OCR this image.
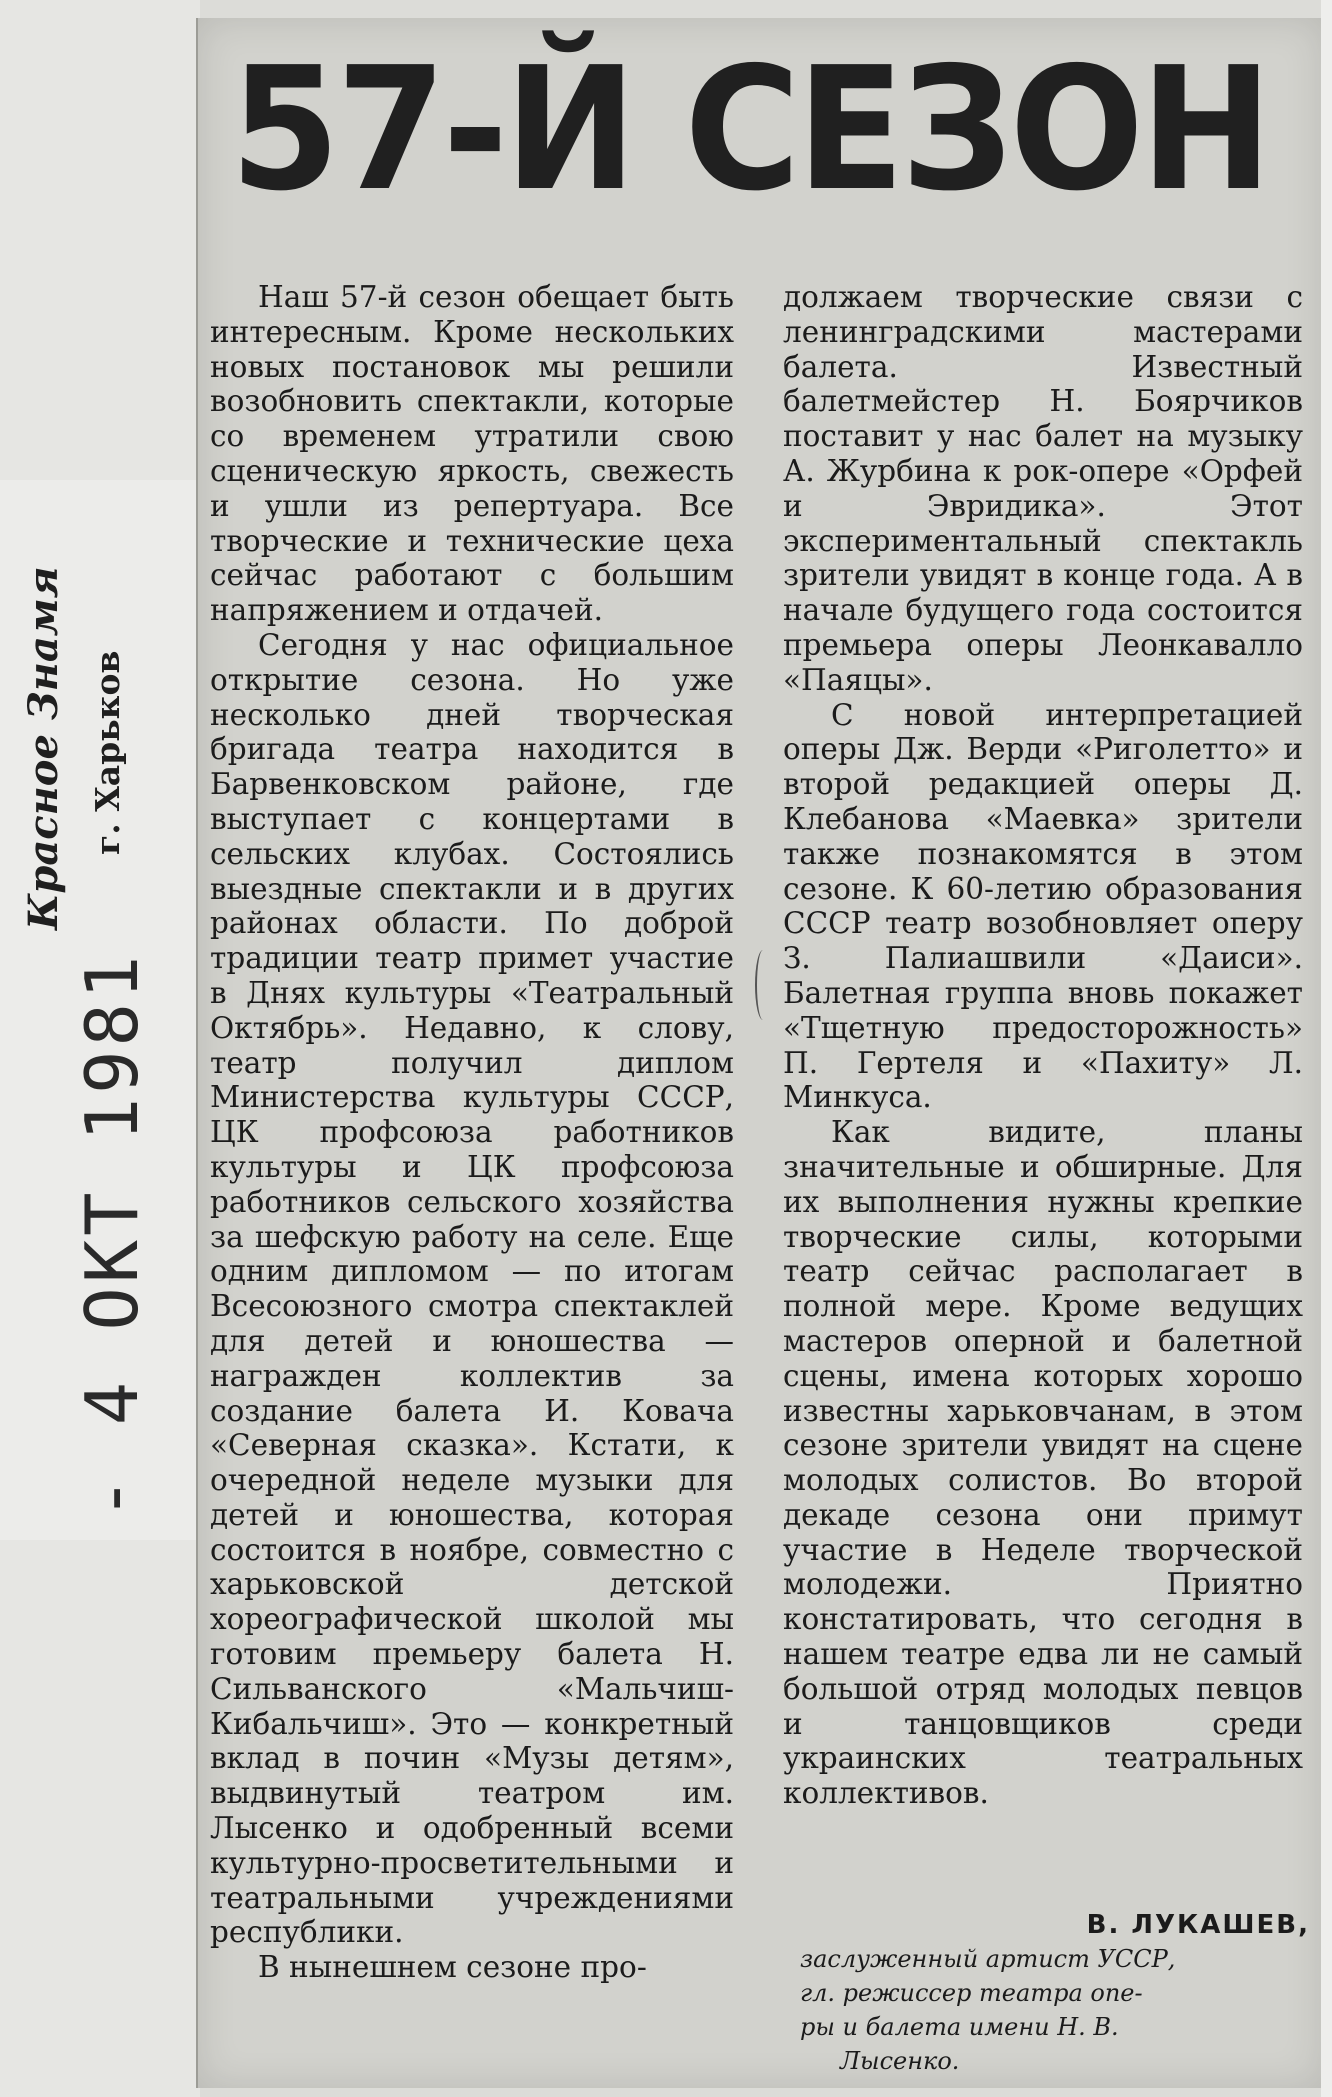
Красное Знамя г. Харьков
- 4 ОКТ 1981
57-Й СЕЗОН

Наш 57-й сезон обещает быть интересным. Кроме нескольких новых постановок мы решили возобновить спектакли, которые со временем утратили свою сценическую яркость, свежесть и ушли из репертуара. Все творческие и технические цеха сейчас работают с большим напряжением и отдачей.

Сегодня у нас официальное открытие сезона. Но уже несколько дней творческая бригада театра находится в Барвенковском районе, где выступает с концертами в сельских клубах. Состоялись выездные спектакли и в других районах области. По доброй традиции театр примет участие в Днях культуры «Театральный Октябрь». Недавно, к слову, театр получил диплом Министерства культуры СССР, ЦК профсоюза работников культуры и ЦК профсоюза работников сельского хозяйства за шефскую работу на селе. Еще одним дипломом — по итогам Всесоюзного смотра спектаклей для детей и юношества — награжден коллектив за создание балета И. Ковача «Северная сказка». Кстати, к очередной неделе музыки для детей и юношества, которая состоится в ноябре, совместно с харьковской детской хореографической школой мы готовим премьеру балета Н. Сильванского «Мальчиш-Кибальчиш». Это — конкретный вклад в почин «Музы детям», выдвинутый театром им. Лысенко и одобренный всеми культурно-просветительными и театральными учреждениями республики.

В нынешнем сезоне про-

должаем творческие связи с ленинградскими мастерами балета. Известный балетмейстер Н. Боярчиков поставит у нас балет на музыку А. Журбина к рок-опере «Орфей и Эвридика». Этот экспериментальный спектакль зрители увидят в конце года. А в начале будущего года состоится премьера оперы Леонкавалло «Паяцы».

С новой интерпретацией оперы Дж. Верди «Риголетто» и второй редакцией оперы Д. Клебанова «Маевка» зрители также познакомятся в этом сезоне. К 60-летию образования СССР театр возобновляет оперу З. Палиашвили «Даиси». Балетная группа вновь покажет «Тщетную предосторожность» П. Гертеля и «Пахиту» Л. Минкуса.

Как видите, планы значительные и обширные. Для их выполнения нужны крепкие творческие силы, которыми театр сейчас располагает в полной мере. Кроме ведущих мастеров оперной и балетной сцены, имена которых хорошо известны харьковчанам, в этом сезоне зрители увидят на сцене молодых солистов. Во второй декаде сезона они примут участие в Неделе творческой молодежи. Приятно констатировать, что сегодня в нашем театре едва ли не самый большой отряд молодых певцов и танцовщиков среди украинских театральных коллективов.

В. ЛУКАШЕВ,
заслуженный артист УССР,
гл. режиссер театра опе-
ры и балета имени Н. В.
Лысенко.
